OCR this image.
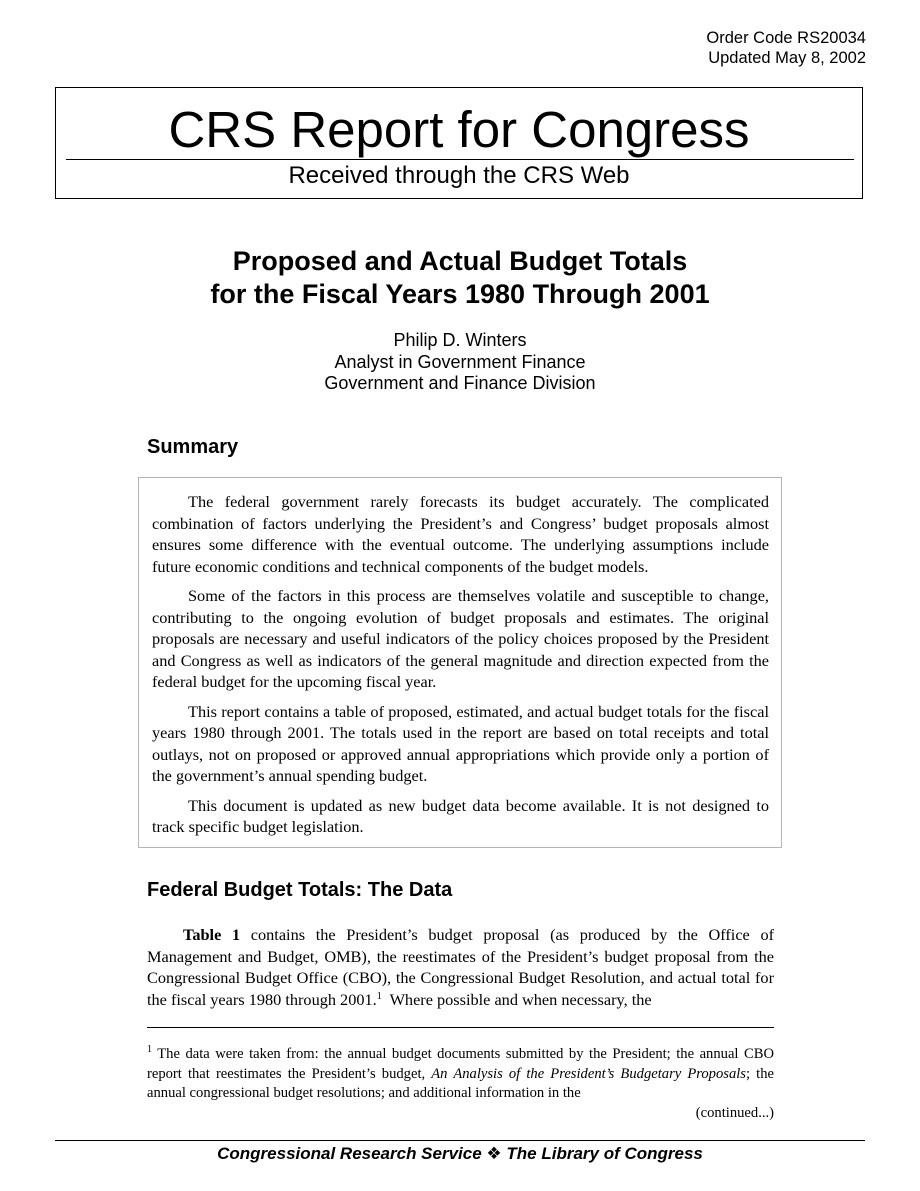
Order Code RS20034
Updated May 8, 2002
CRS Report for Congress
Received through the CRS Web
Proposed and Actual Budget Totals
for the Fiscal Years 1980 Through 2001
Philip D. Winters
Analyst in Government Finance
Government and Finance Division
Summary

The federal government rarely forecasts its budget accurately. The complicated combination of factors underlying the President’s and Congress’ budget proposals almost ensures some difference with the eventual outcome. The underlying assumptions include future economic conditions and technical components of the budget models.

Some of the factors in this process are themselves volatile and susceptible to change, contributing to the ongoing evolution of budget proposals and estimates. The original proposals are necessary and useful indicators of the policy choices proposed by the President and Congress as well as indicators of the general magnitude and direction expected from the federal budget for the upcoming fiscal year.

This report contains a table of proposed, estimated, and actual budget totals for the fiscal years 1980 through 2001. The totals used in the report are based on total receipts and total outlays, not on proposed or approved annual appropriations which provide only a portion of the government’s annual spending budget.

This document is updated as new budget data become available. It is not designed to track specific budget legislation.

Federal Budget Totals: The Data

Table 1 contains the President’s budget proposal (as produced by the Office of Management and Budget, OMB), the reestimates of the President’s budget proposal from the Congressional Budget Office (CBO), the Congressional Budget Resolution, and actual total for the fiscal years 1980 through 2001.$^1$ Where possible and when necessary, the

$^1$ The data were taken from: the annual budget documents submitted by the President; the annual CBO report that reestimates the President’s budget, An Analysis of the President’s Budgetary Proposals; the annual congressional budget resolutions; and additional information in the

(continued...)
Congressional Research Service ❖ The Library of Congress
